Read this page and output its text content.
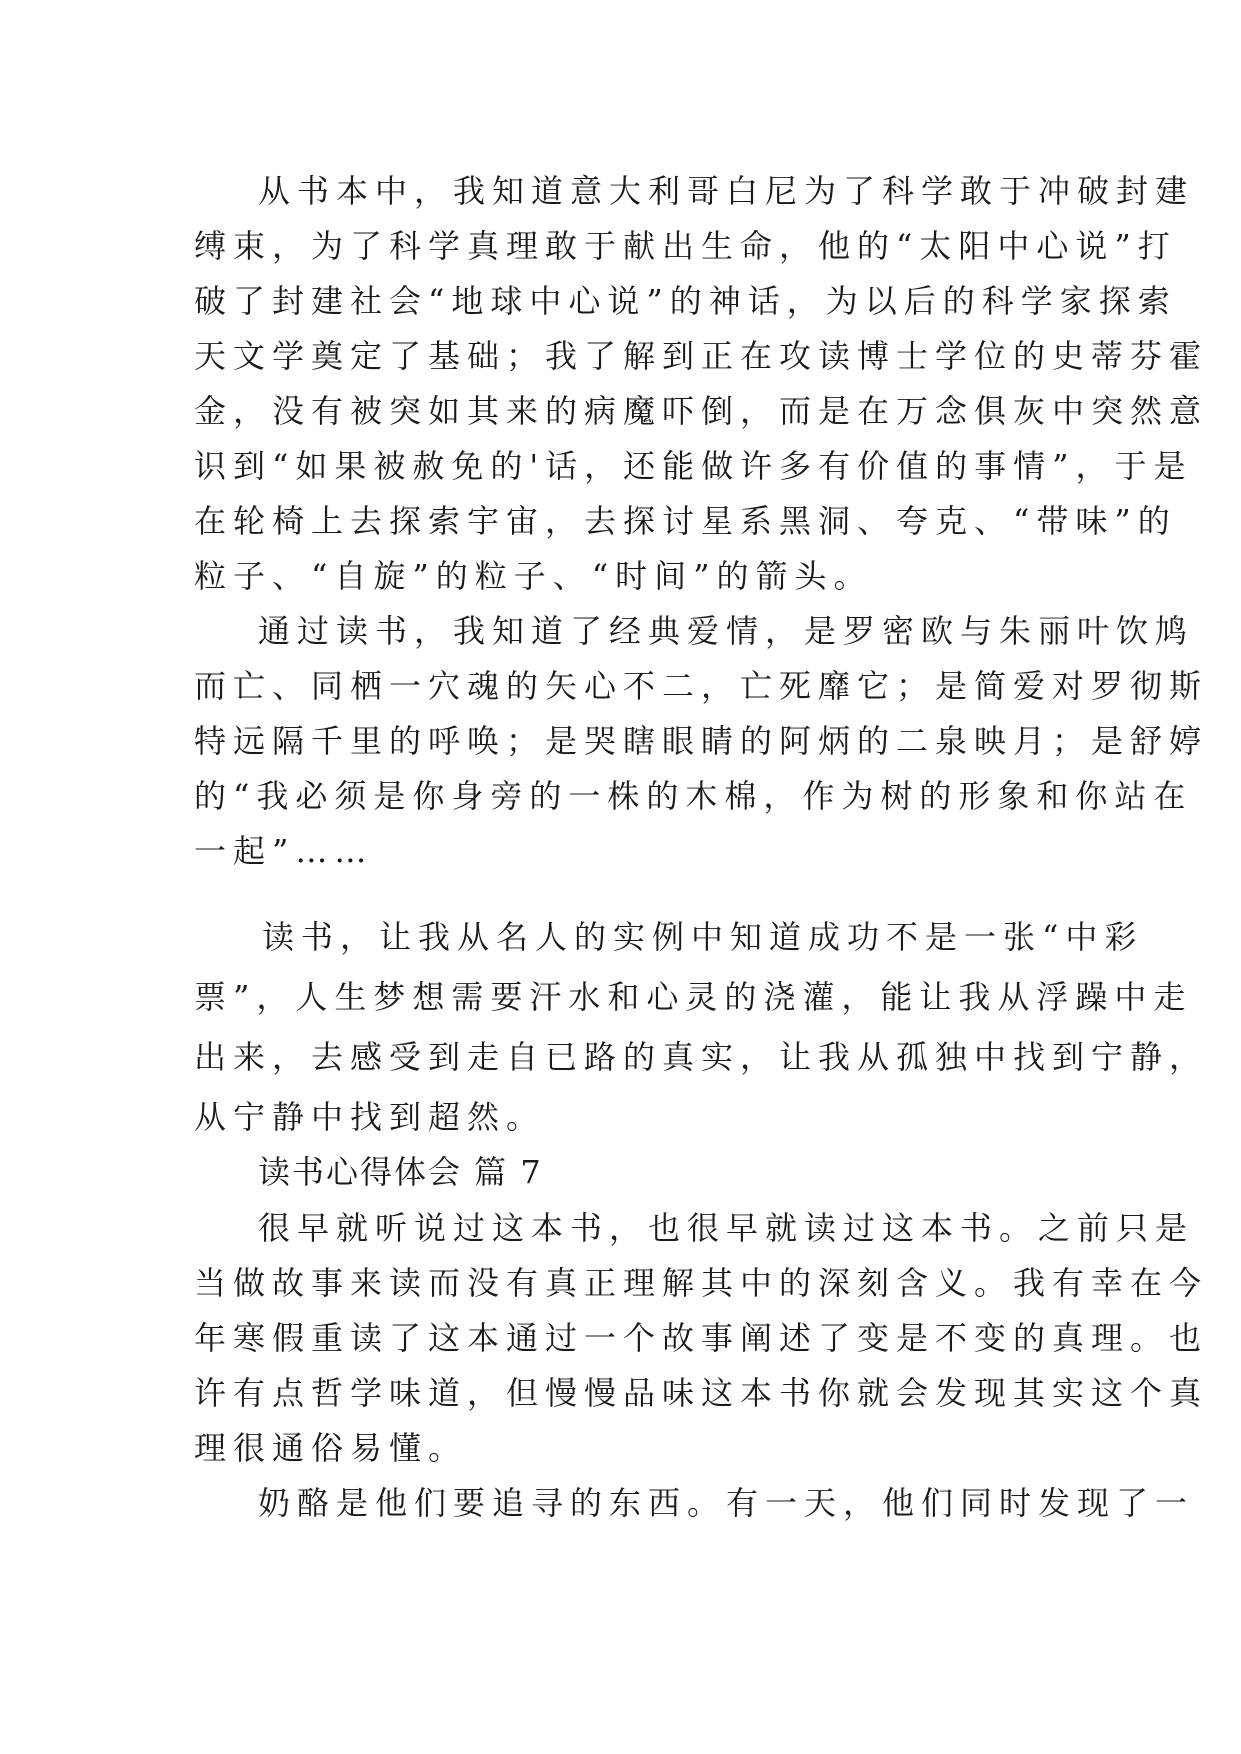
从书本中，我知道意大利哥白尼为了科学敢于冲破封建
缚束，为了科学真理敢于献出生命，他的“太阳中心说”打
破了封建社会“地球中心说”的神话，为以后的科学家探索
天文学奠定了基础；我了解到正在攻读博士学位的史蒂芬霍
金，没有被突如其来的病魔吓倒，而是在万念俱灰中突然意
识到“如果被赦免的'话，还能做许多有价值的事情”，于是
在轮椅上去探索宇宙，去探讨星系黑洞、夸克、“带味”的
粒子、“自旋”的粒子、“时间”的箭头。
通过读书，我知道了经典爱情，是罗密欧与朱丽叶饮鸠
而亡、同栖一穴魂的矢心不二，亡死靡它；是简爱对罗彻斯
特远隔千里的呼唤；是哭瞎眼睛的阿炳的二泉映月；是舒婷
的“我必须是你身旁的一株的木棉，作为树的形象和你站在
一起”……
读书，让我从名人的实例中知道成功不是一张“中彩
票”，人生梦想需要汗水和心灵的浇灌，能让我从浮躁中走
出来，去感受到走自已路的真实，让我从孤独中找到宁静，
从宁静中找到超然。
读书心得体会 篇 7
很早就听说过这本书，也很早就读过这本书。之前只是
当做故事来读而没有真正理解其中的深刻含义。我有幸在今
年寒假重读了这本通过一个故事阐述了变是不变的真理。也
许有点哲学味道，但慢慢品味这本书你就会发现其实这个真
理很通俗易懂。
奶酪是他们要追寻的东西。有一天，他们同时发现了一
